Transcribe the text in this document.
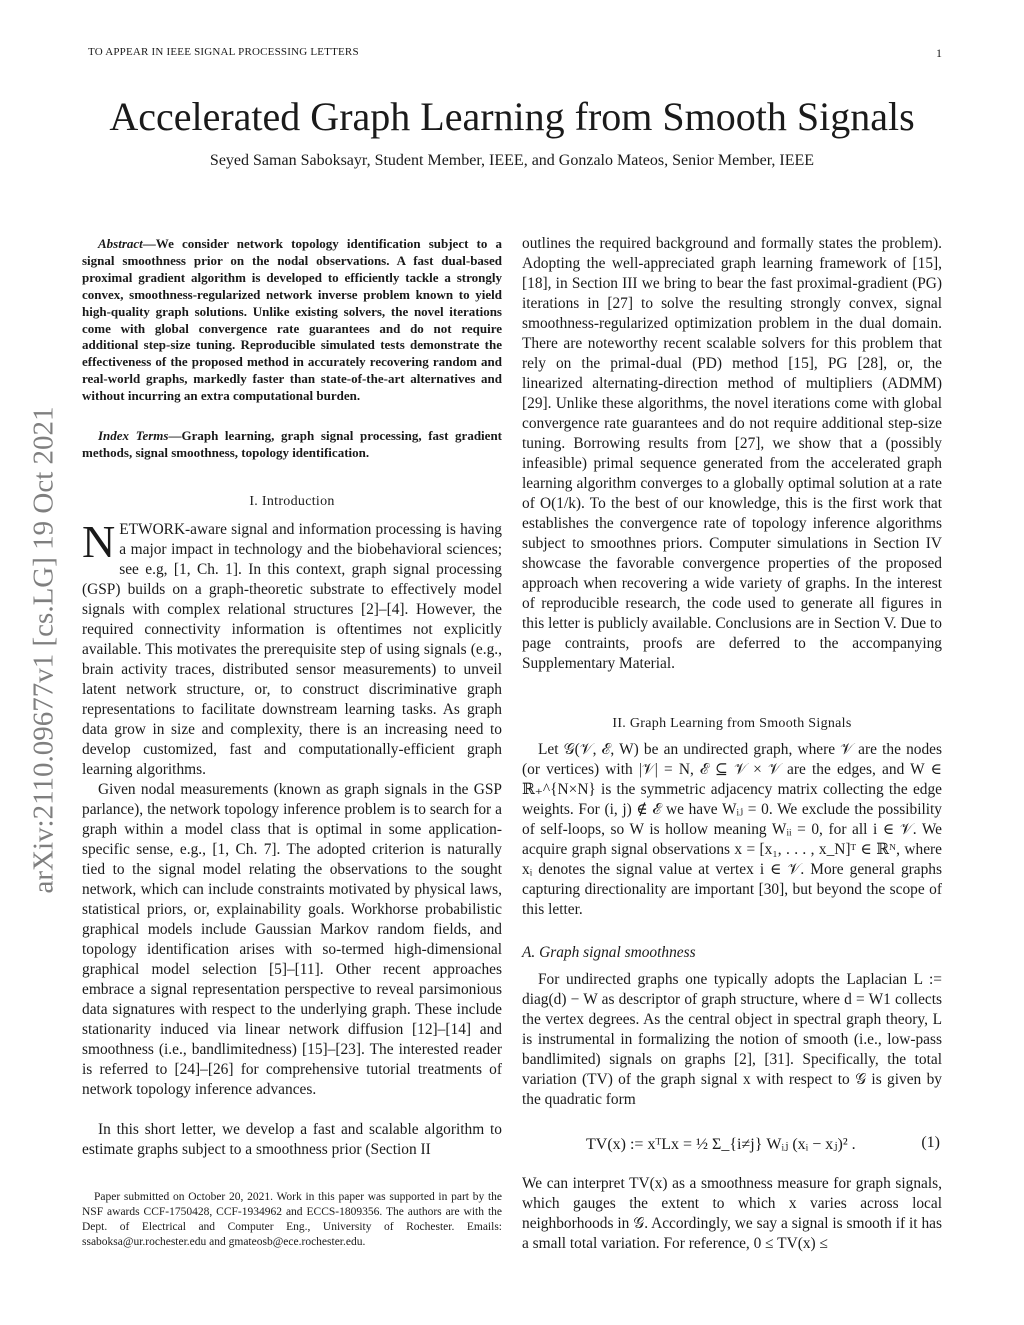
TO APPEAR IN IEEE SIGNAL PROCESSING LETTERS	1
Accelerated Graph Learning from Smooth Signals
Seyed Saman Saboksayr, Student Member, IEEE, and Gonzalo Mateos, Senior Member, IEEE
arXiv:2110.09677v1 [cs.LG] 19 Oct 2021

Abstract—We consider network topology identification subject to a signal smoothness prior on the nodal observations. A fast dual-based proximal gradient algorithm is developed to efficiently tackle a strongly convex, smoothness-regularized network inverse problem known to yield high-quality graph solutions. Unlike existing solvers, the novel iterations come with global convergence rate guarantees and do not require additional step-size tuning. Reproducible simulated tests demonstrate the effectiveness of the proposed method in accurately recovering random and real-world graphs, markedly faster than state-of-the-art alternatives and without incurring an extra computational burden.

Index Terms—Graph learning, graph signal processing, fast gradient methods, signal smoothness, topology identification.

I. Introduction

NETWORK-aware signal and information processing is having a major impact in technology and the biobehavioral sciences; see e.g, [1, Ch. 1]. In this context, graph signal processing (GSP) builds on a graph-theoretic substrate to effectively model signals with complex relational structures [2]–[4]. However, the required connectivity information is oftentimes not explicitly available. This motivates the prerequisite step of using signals (e.g., brain activity traces, distributed sensor measurements) to unveil latent network structure, or, to construct discriminative graph representations to facilitate downstream learning tasks. As graph data grow in size and complexity, there is an increasing need to develop customized, fast and computationally-efficient graph learning algorithms.

Given nodal measurements (known as graph signals in the GSP parlance), the network topology inference problem is to search for a graph within a model class that is optimal in some application-specific sense, e.g., [1, Ch. 7]. The adopted criterion is naturally tied to the signal model relating the observations to the sought network, which can include constraints motivated by physical laws, statistical priors, or, explainability goals. Workhorse probabilistic graphical models include Gaussian Markov random fields, and topology identification arises with so-termed high-dimensional graphical model selection [5]–[11]. Other recent approaches embrace a signal representation perspective to reveal parsimonious data signatures with respect to the underlying graph. These include stationarity induced via linear network diffusion [12]–[14] and smoothness (i.e., bandlimitedness) [15]–[23]. The interested reader is referred to [24]–[26] for comprehensive tutorial treatments of network topology inference advances.

In this short letter, we develop a fast and scalable algorithm to estimate graphs subject to a smoothness prior (Section II

Paper submitted on October 20, 2021. Work in this paper was supported in part by the NSF awards CCF-1750428, CCF-1934962 and ECCS-1809356. The authors are with the Dept. of Electrical and Computer Eng., University of Rochester. Emails: ssaboksa@ur.rochester.edu and gmateosb@ece.rochester.edu.

outlines the required background and formally states the problem). Adopting the well-appreciated graph learning framework of [15], [18], in Section III we bring to bear the fast proximal-gradient (PG) iterations in [27] to solve the resulting strongly convex, signal smoothness-regularized optimization problem in the dual domain. There are noteworthy recent scalable solvers for this problem that rely on the primal-dual (PD) method [15], PG [28], or, the linearized alternating-direction method of multipliers (ADMM) [29]. Unlike these algorithms, the novel iterations come with global convergence rate guarantees and do not require additional step-size tuning. Borrowing results from [27], we show that a (possibly infeasible) primal sequence generated from the accelerated graph learning algorithm converges to a globally optimal solution at a rate of O(1/k). To the best of our knowledge, this is the first work that establishes the convergence rate of topology inference algorithms subject to smoothnes priors. Computer simulations in Section IV showcase the favorable convergence properties of the proposed approach when recovering a wide variety of graphs. In the interest of reproducible research, the code used to generate all figures in this letter is publicly available. Conclusions are in Section V. Due to page contraints, proofs are deferred to the accompanying Supplementary Material.

II. Graph Learning from Smooth Signals

Let 𝒢(𝒱, ℰ, W) be an undirected graph, where 𝒱 are the nodes (or vertices) with |𝒱| = N, ℰ ⊆ 𝒱 × 𝒱 are the edges, and W ∈ ℝ₊^{N×N} is the symmetric adjacency matrix collecting the edge weights. For (i, j) ∉ ℰ we have Wᵢⱼ = 0. We exclude the possibility of self-loops, so W is hollow meaning Wᵢᵢ = 0, for all i ∈ 𝒱. We acquire graph signal observations x = [x₁, . . . , x_N]ᵀ ∈ ℝᴺ, where xᵢ denotes the signal value at vertex i ∈ 𝒱. More general graphs capturing directionality are important [30], but beyond the scope of this letter.

A. Graph signal smoothness

For undirected graphs one typically adopts the Laplacian L := diag(d) − W as descriptor of graph structure, where d = W1 collects the vertex degrees. As the central object in spectral graph theory, L is instrumental in formalizing the notion of smooth (i.e., low-pass bandlimited) signals on graphs [2], [31]. Specifically, the total variation (TV) of the graph signal x with respect to 𝒢 is given by the quadratic form

TV(x) := xᵀLx = ½ Σ_{i≠j} Wᵢⱼ (xᵢ − xⱼ)² .	(1)

We can interpret TV(x) as a smoothness measure for graph signals, which gauges the extent to which x varies across local neighborhoods in 𝒢. Accordingly, we say a signal is smooth if it has a small total variation. For reference, 0 ≤ TV(x) ≤
